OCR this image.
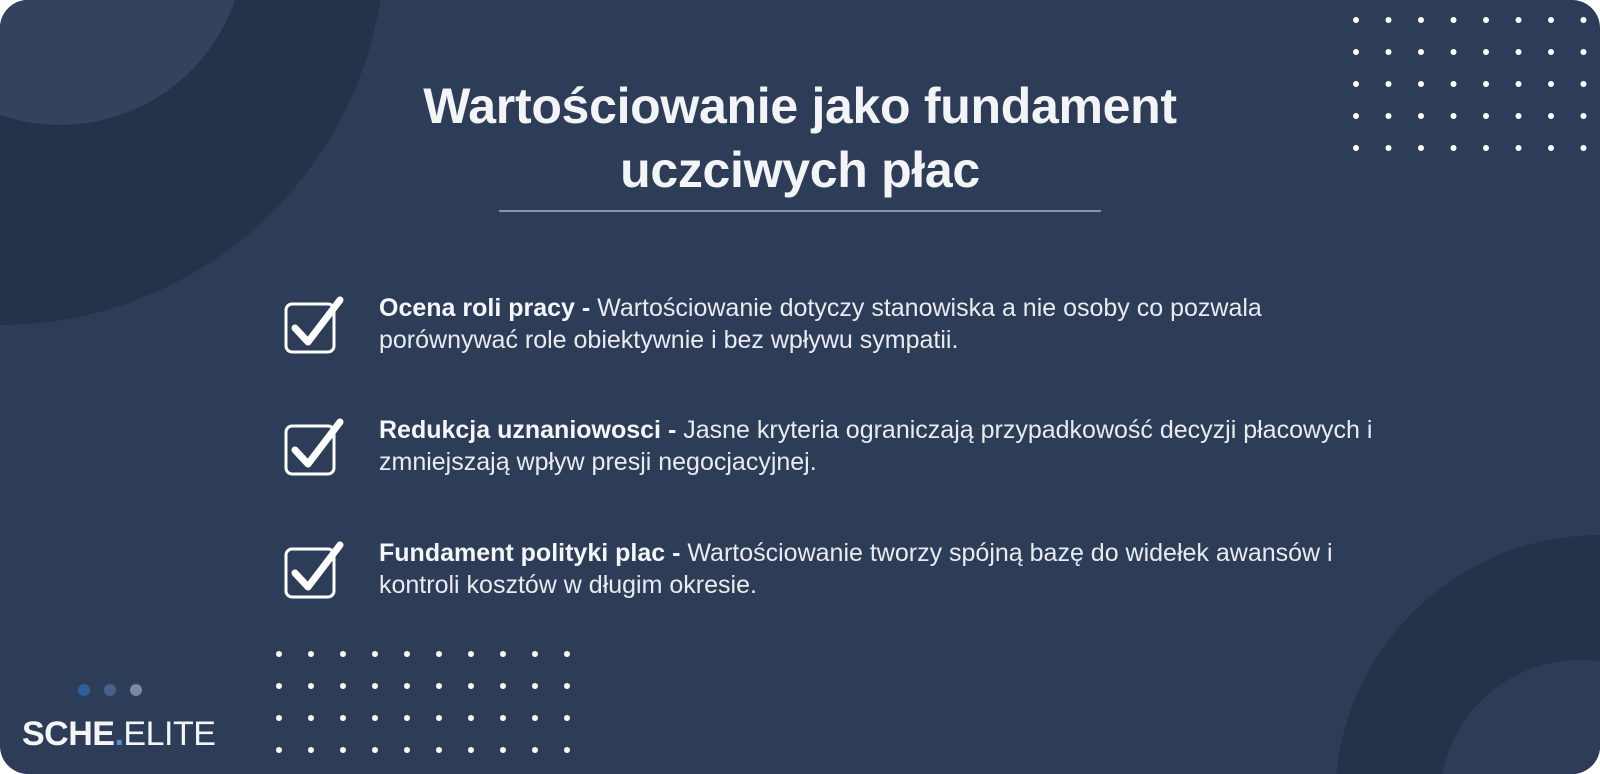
Wartościowanie jako fundament
uczciwych płac

Ocena roli pracy - Wartościowanie dotyczy stanowiska a nie osoby co pozwala porównywać role obiektywnie i bez wpływu sympatii.

Redukcja uznaniowosci - Jasne kryteria ograniczają przypadkowość decyzji płacowych i zmniejszają wpływ presji negocjacyjnej.

Fundament polityki plac - Wartościowanie tworzy spójną bazę do widełek awansów i kontroli kosztów w długim okresie.

SCHE.ELITE
